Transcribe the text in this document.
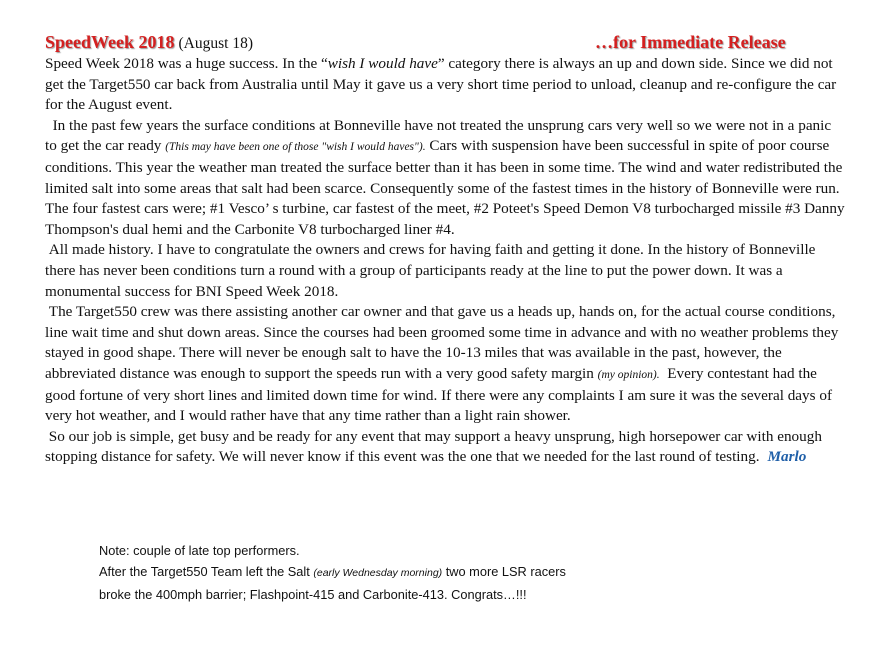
SpeedWeek 2018 (August 18)	…for Immediate Release

Speed Week 2018 was a huge success. In the “wish I would have” category there is always an up and down side. Since we did not get the Target550 car back from Australia until May it gave us a very short time period to unload, cleanup and re-configure the car for the August event.

In the past few years the surface conditions at Bonneville have not treated the unsprung cars very well so we were not in a panic to get the car ready (This may have been one of those "wish I would haves"). Cars with suspension have been successful in spite of poor course conditions. This year the weather man treated the surface better than it has been in some time. The wind and water redistributed the limited salt into some areas that salt had been scarce. Consequently some of the fastest times in the history of Bonneville were run. The four fastest cars were; #1 Vesco’ s turbine, car fastest of the meet, #2 Poteet's Speed Demon V8 turbocharged missile #3 Danny Thompson's dual hemi and the Carbonite V8 turbocharged liner #4.

All made history. I have to congratulate the owners and crews for having faith and getting it done. In the history of Bonneville there has never been conditions turn a round with a group of participants ready at the line to put the power down. It was a monumental success for BNI Speed Week 2018.

The Target550 crew was there assisting another car owner and that gave us a heads up, hands on, for the actual course conditions, line wait time and shut down areas. Since the courses had been groomed some time in advance and with no weather problems they stayed in good shape. There will never be enough salt to have the 10-13 miles that was available in the past, however, the abbreviated distance was enough to support the speeds run with a very good safety margin (my opinion).  Every contestant had the good fortune of very short lines and limited down time for wind. If there were any complaints I am sure it was the several days of very hot weather, and I would rather have that any time rather than a light rain shower.

So our job is simple, get busy and be ready for any event that may support a heavy unsprung, high horsepower car with enough stopping distance for safety. We will never know if this event was the one that we needed for the last round of testing. Marlo

Note: couple of late top performers.
After the Target550 Team left the Salt (early Wednesday morning) two more LSR racers
broke the 400mph barrier; Flashpoint-415 and Carbonite-413. Congrats…!!!
